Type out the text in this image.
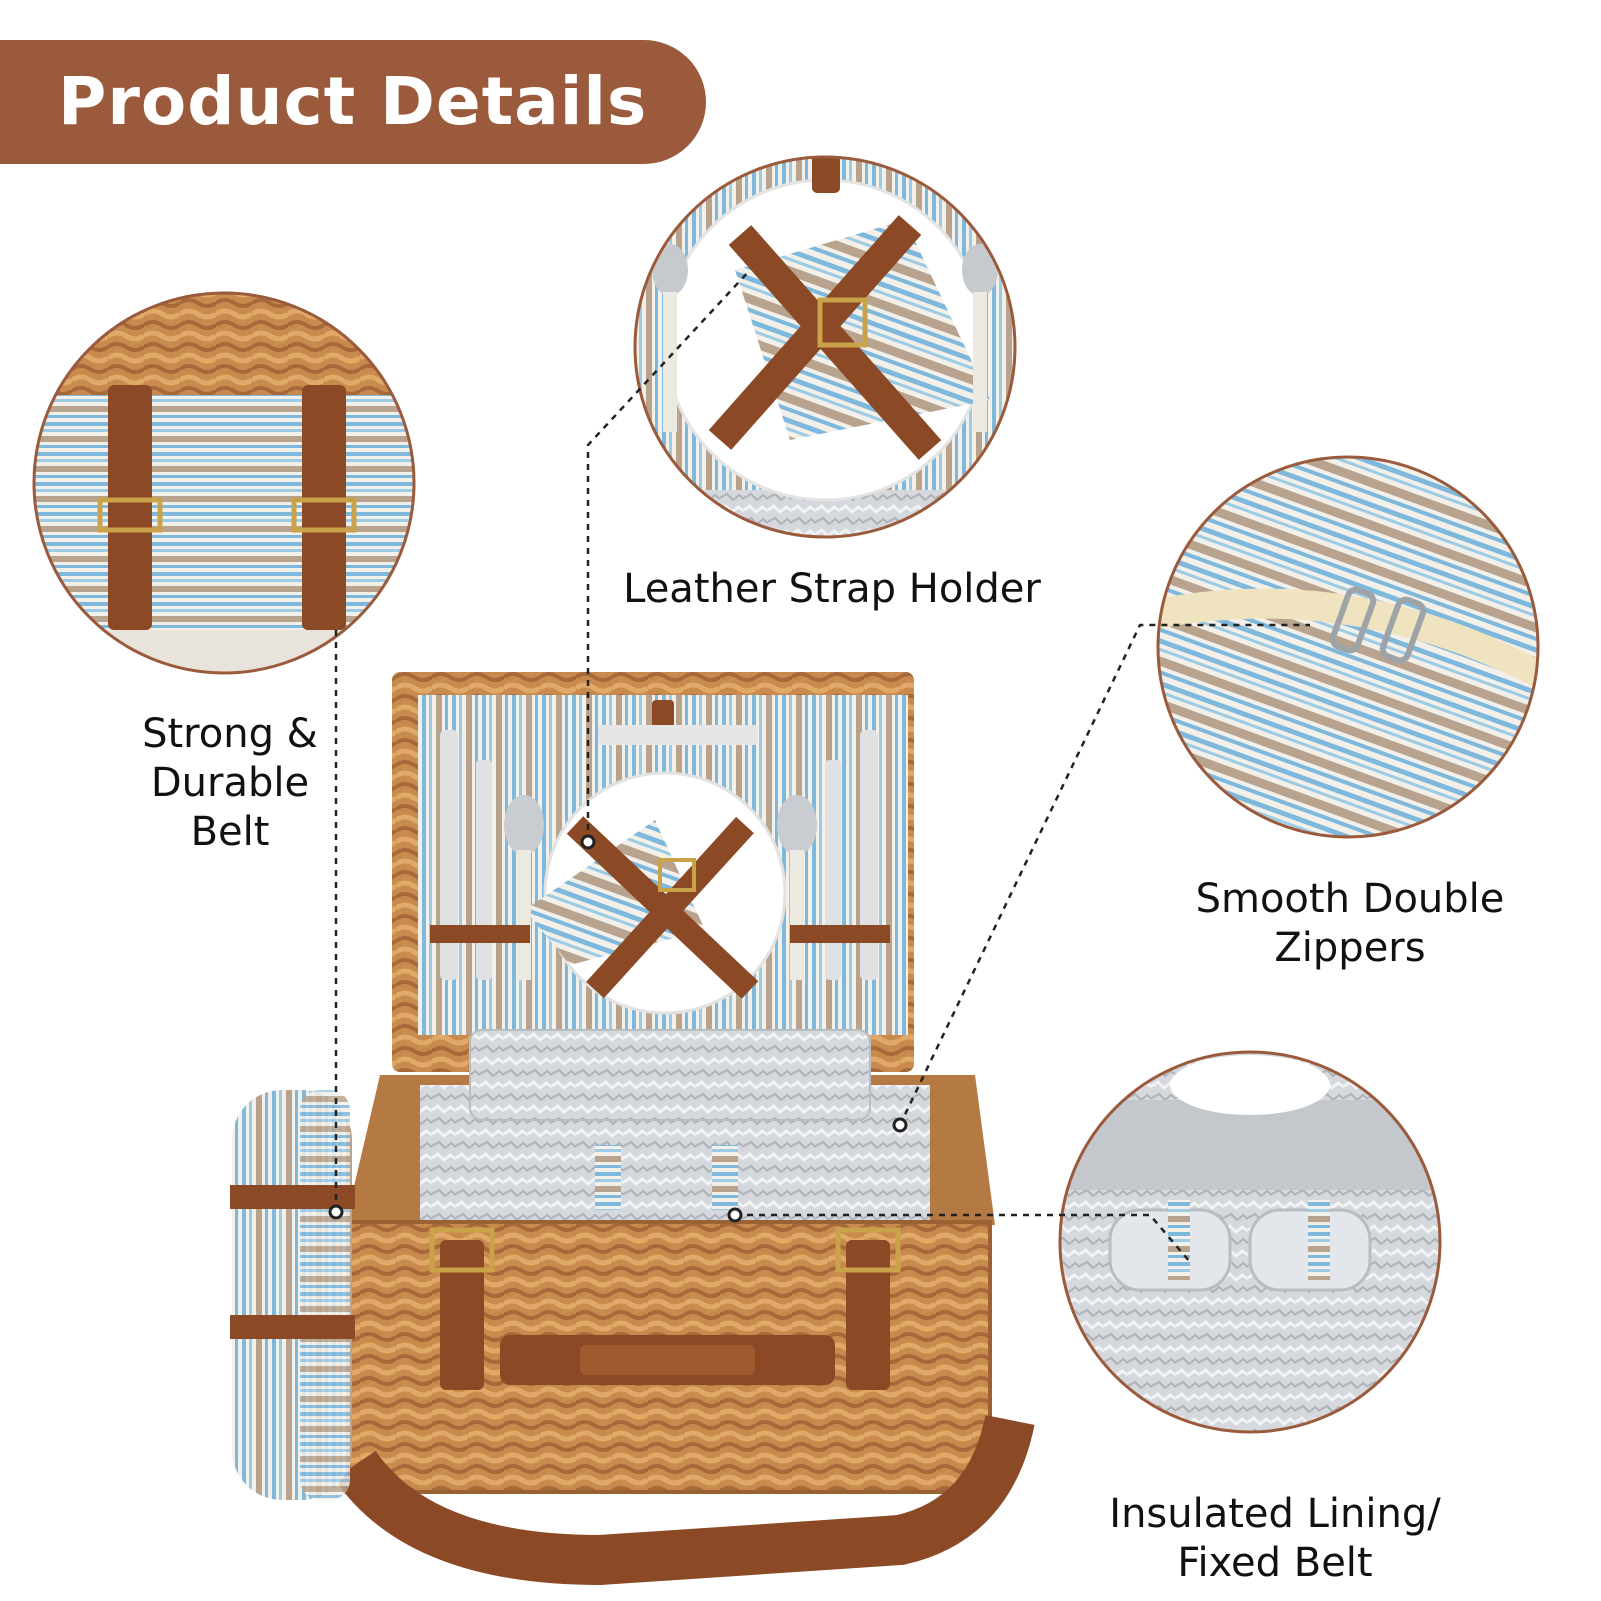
Product Details
Strong &
Durable
Belt
Leather Strap Holder
Smooth Double
Zippers
Insulated Lining/
Fixed Belt
